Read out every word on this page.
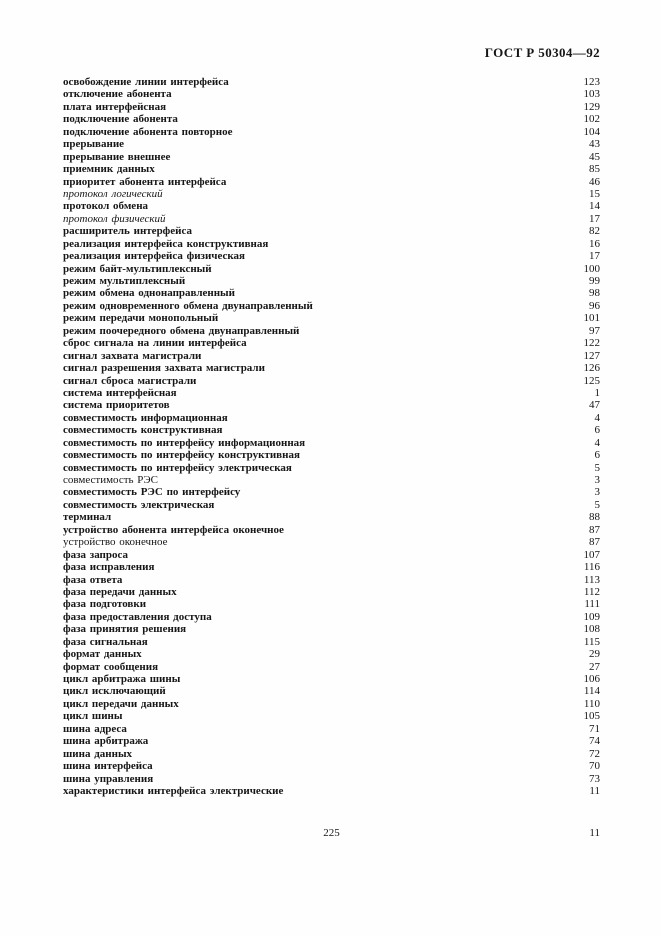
ГОСТ Р 50304—92
освобождение линии интерфейса	123
отключение абонента	103
плата интерфейсная	129
подключение абонента	102
подключение абонента повторное	104
прерывание	43
прерывание внешнее	45
приемник данных	85
приоритет абонента интерфейса	46
протокол логический	15
протокол обмена	14
протокол физический	17
расширитель интерфейса	82
реализация интерфейса конструктивная	16
реализация интерфейса физическая	17
режим байт-мультиплексный	100
режим мультиплексный	99
режим обмена однонаправленный	98
режим одновременного обмена двунаправленный	96
режим передачи монопольный	101
режим поочередного обмена двунаправленный	97
сброс сигнала на линии интерфейса	122
сигнал захвата магистрали	127
сигнал разрешения захвата магистрали	126
сигнал сброса магистрали	125
система интерфейсная	1
система приоритетов	47
совместимость информационная	4
совместимость конструктивная	6
совместимость по интерфейсу информационная	4
совместимость по интерфейсу конструктивная	6
совместимость по интерфейсу электрическая	5
совместимость РЭС	3
совместимость РЭС по интерфейсу	3
совместимость электрическая	5
терминал	88
устройство абонента интерфейса оконечное	87
устройство оконечное	87
фаза запроса	107
фаза исправления	116
фаза ответа	113
фаза передачи данных	112
фаза подготовки	111
фаза предоставления доступа	109
фаза принятия решения	108
фаза сигнальная	115
формат данных	29
формат сообщения	27
цикл арбитража шины	106
цикл исключающий	114
цикл передачи данных	110
цикл шины	105
шина адреса	71
шина арбитража	74
шина данных	72
шина интерфейса	70
шина управления	73
характеристики интерфейса электрические	11
225	11
